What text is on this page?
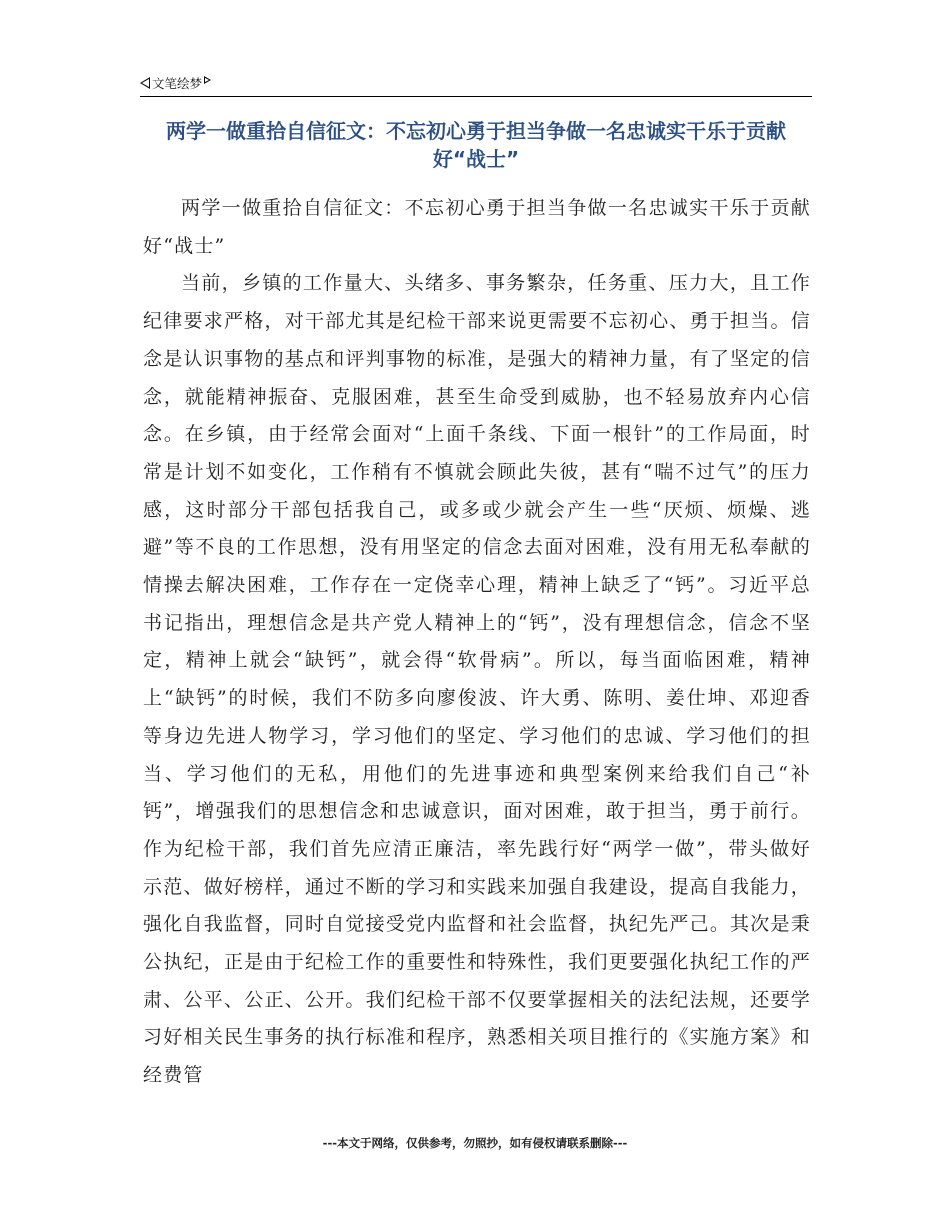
文笔绘梦
两学一做重拾自信征文：不忘初心勇于担当争做一名忠诚实干乐于贡献好“战士”

两学一做重拾自信征文：不忘初心勇于担当争做一名忠诚实干乐于贡献好“战士”

当前，乡镇的工作量大、头绪多、事务繁杂，任务重、压力大，且工作纪律要求严格，对干部尤其是纪检干部来说更需要不忘初心、勇于担当。信念是认识事物的基点和评判事物的标准，是强大的精神力量，有了坚定的信念，就能精神振奋、克服困难，甚至生命受到威胁，也不轻易放弃内心信念。在乡镇，由于经常会面对“上面千条线、下面一根针”的工作局面，时常是计划不如变化，工作稍有不慎就会顾此失彼，甚有“喘不过气”的压力感，这时部分干部包括我自己，或多或少就会产生一些“厌烦、烦燥、逃避”等不良的工作思想，没有用坚定的信念去面对困难，没有用无私奉献的情操去解决困难，工作存在一定侥幸心理，精神上缺乏了“钙”。习近平总书记指出，理想信念是共产党人精神上的“钙”，没有理想信念，信念不坚定，精神上就会“缺钙”，就会得“软骨病”。所以，每当面临困难，精神上“缺钙”的时候，我们不防多向廖俊波、许大勇、陈明、姜仕坤、邓迎香等身边先进人物学习，学习他们的坚定、学习他们的忠诚、学习他们的担当、学习他们的无私，用他们的先进事迹和典型案例来给我们自己“补钙”，增强我们的思想信念和忠诚意识，面对困难，敢于担当，勇于前行。作为纪检干部，我们首先应清正廉洁，率先践行好“两学一做”，带头做好示范、做好榜样，通过不断的学习和实践来加强自我建设，提高自我能力，强化自我监督，同时自觉接受党内监督和社会监督，执纪先严己。其次是秉公执纪，正是由于纪检工作的重要性和特殊性，我们更要强化执纪工作的严肃、公平、公正、公开。我们纪检干部不仅要掌握相关的法纪法规，还要学习好相关民生事务的执行标准和程序，熟悉相关项目推行的《实施方案》和经费管

---本文于网络，仅供参考，勿照抄，如有侵权请联系删除---
